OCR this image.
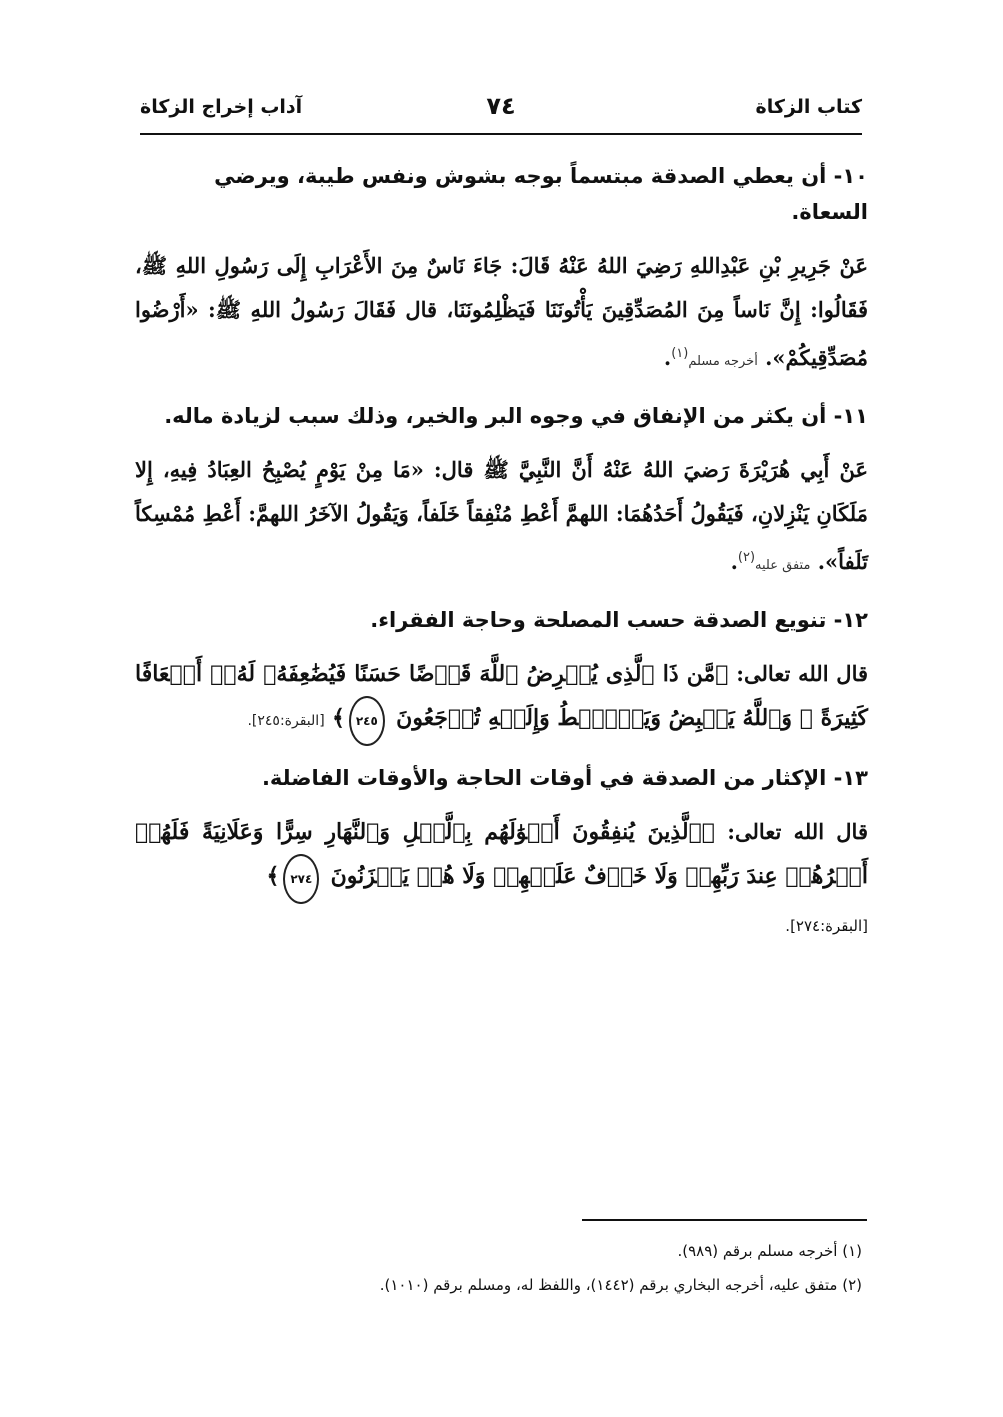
كتاب الزكاة
٧٤
آداب إخراج الزكاة
١٠- أن يعطي الصدقة مبتسماً بوجه بشوش ونفس طيبة، ويرضي السعاة.
عَنْ جَرِيرِ بْنِ عَبْدِاللهِ رَضِيَ اللهُ عَنْهُ قَالَ: جَاءَ نَاسٌ مِنَ الأَعْرَابِ إِلَى رَسُولِ اللهِ ﷺ، فَقَالُوا: إِنَّ نَاساً مِنَ المُصَدِّقِينَ يَأْتُونَنَا فَيَظْلِمُونَنَا، قال فَقَالَ رَسُولُ اللهِ ﷺ: «أَرْضُوا مُصَدِّقِيكُمْ». أخرجه مسلم$^{(١)}$.
١١- أن يكثر من الإنفاق في وجوه البر والخير، وذلك سبب لزيادة ماله.
عَنْ أَبِي هُرَيْرَةَ رَضيَ اللهُ عَنْهُ أَنَّ النَّبِيَّ ﷺ قال: «مَا مِنْ يَوْمٍ يُصْبِحُ العِبَادُ فِيهِ، إِلا مَلَكَانِ يَنْزِلانِ، فَيَقُولُ أَحَدُهُمَا: اللهمَّ أَعْطِ مُنْفِقاً خَلَفاً، وَيَقُولُ الآخَرُ اللهمَّ: أَعْطِ مُمْسِكاً تَلَفاً». متفق عليه$^{(٢)}$.
١٢- تنويع الصدقة حسب المصلحة وحاجة الفقراء.
قال الله تعالى: ﴿مَّن ذَا ٱلَّذِى يُقۡرِضُ ٱللَّهَ قَرۡضًا حَسَنًا فَيُضَٰعِفَهُۥ لَهُۥٓ أَضۡعَافًا كَثِيرَةً ۚ وَٱللَّهُ يَقۡبِضُ وَيَبۡصُۜطُ وَإِلَيۡهِ تُرۡجَعُونَ ٢٤٥﴾ [البقرة:٢٤٥].
١٣- الإكثار من الصدقة في أوقات الحاجة والأوقات الفاضلة.
قال الله تعالى: ﴿ٱلَّذِينَ يُنفِقُونَ أَمۡوَٰلَهُم بِٱلَّيۡلِ وَٱلنَّهَارِ سِرًّا وَعَلَانِيَةً فَلَهُمۡ أَجۡرُهُمۡ عِندَ رَبِّهِمۡ وَلَا خَوۡفٌ عَلَيۡهِمۡ وَلَا هُمۡ يَحۡزَنُونَ ٢٧٤﴾
[البقرة:٢٧٤].
(١) أخرجه مسلم برقم (٩٨٩).
(٢) متفق عليه، أخرجه البخاري برقم (١٤٤٢)، واللفظ له، ومسلم برقم (١٠١٠).
